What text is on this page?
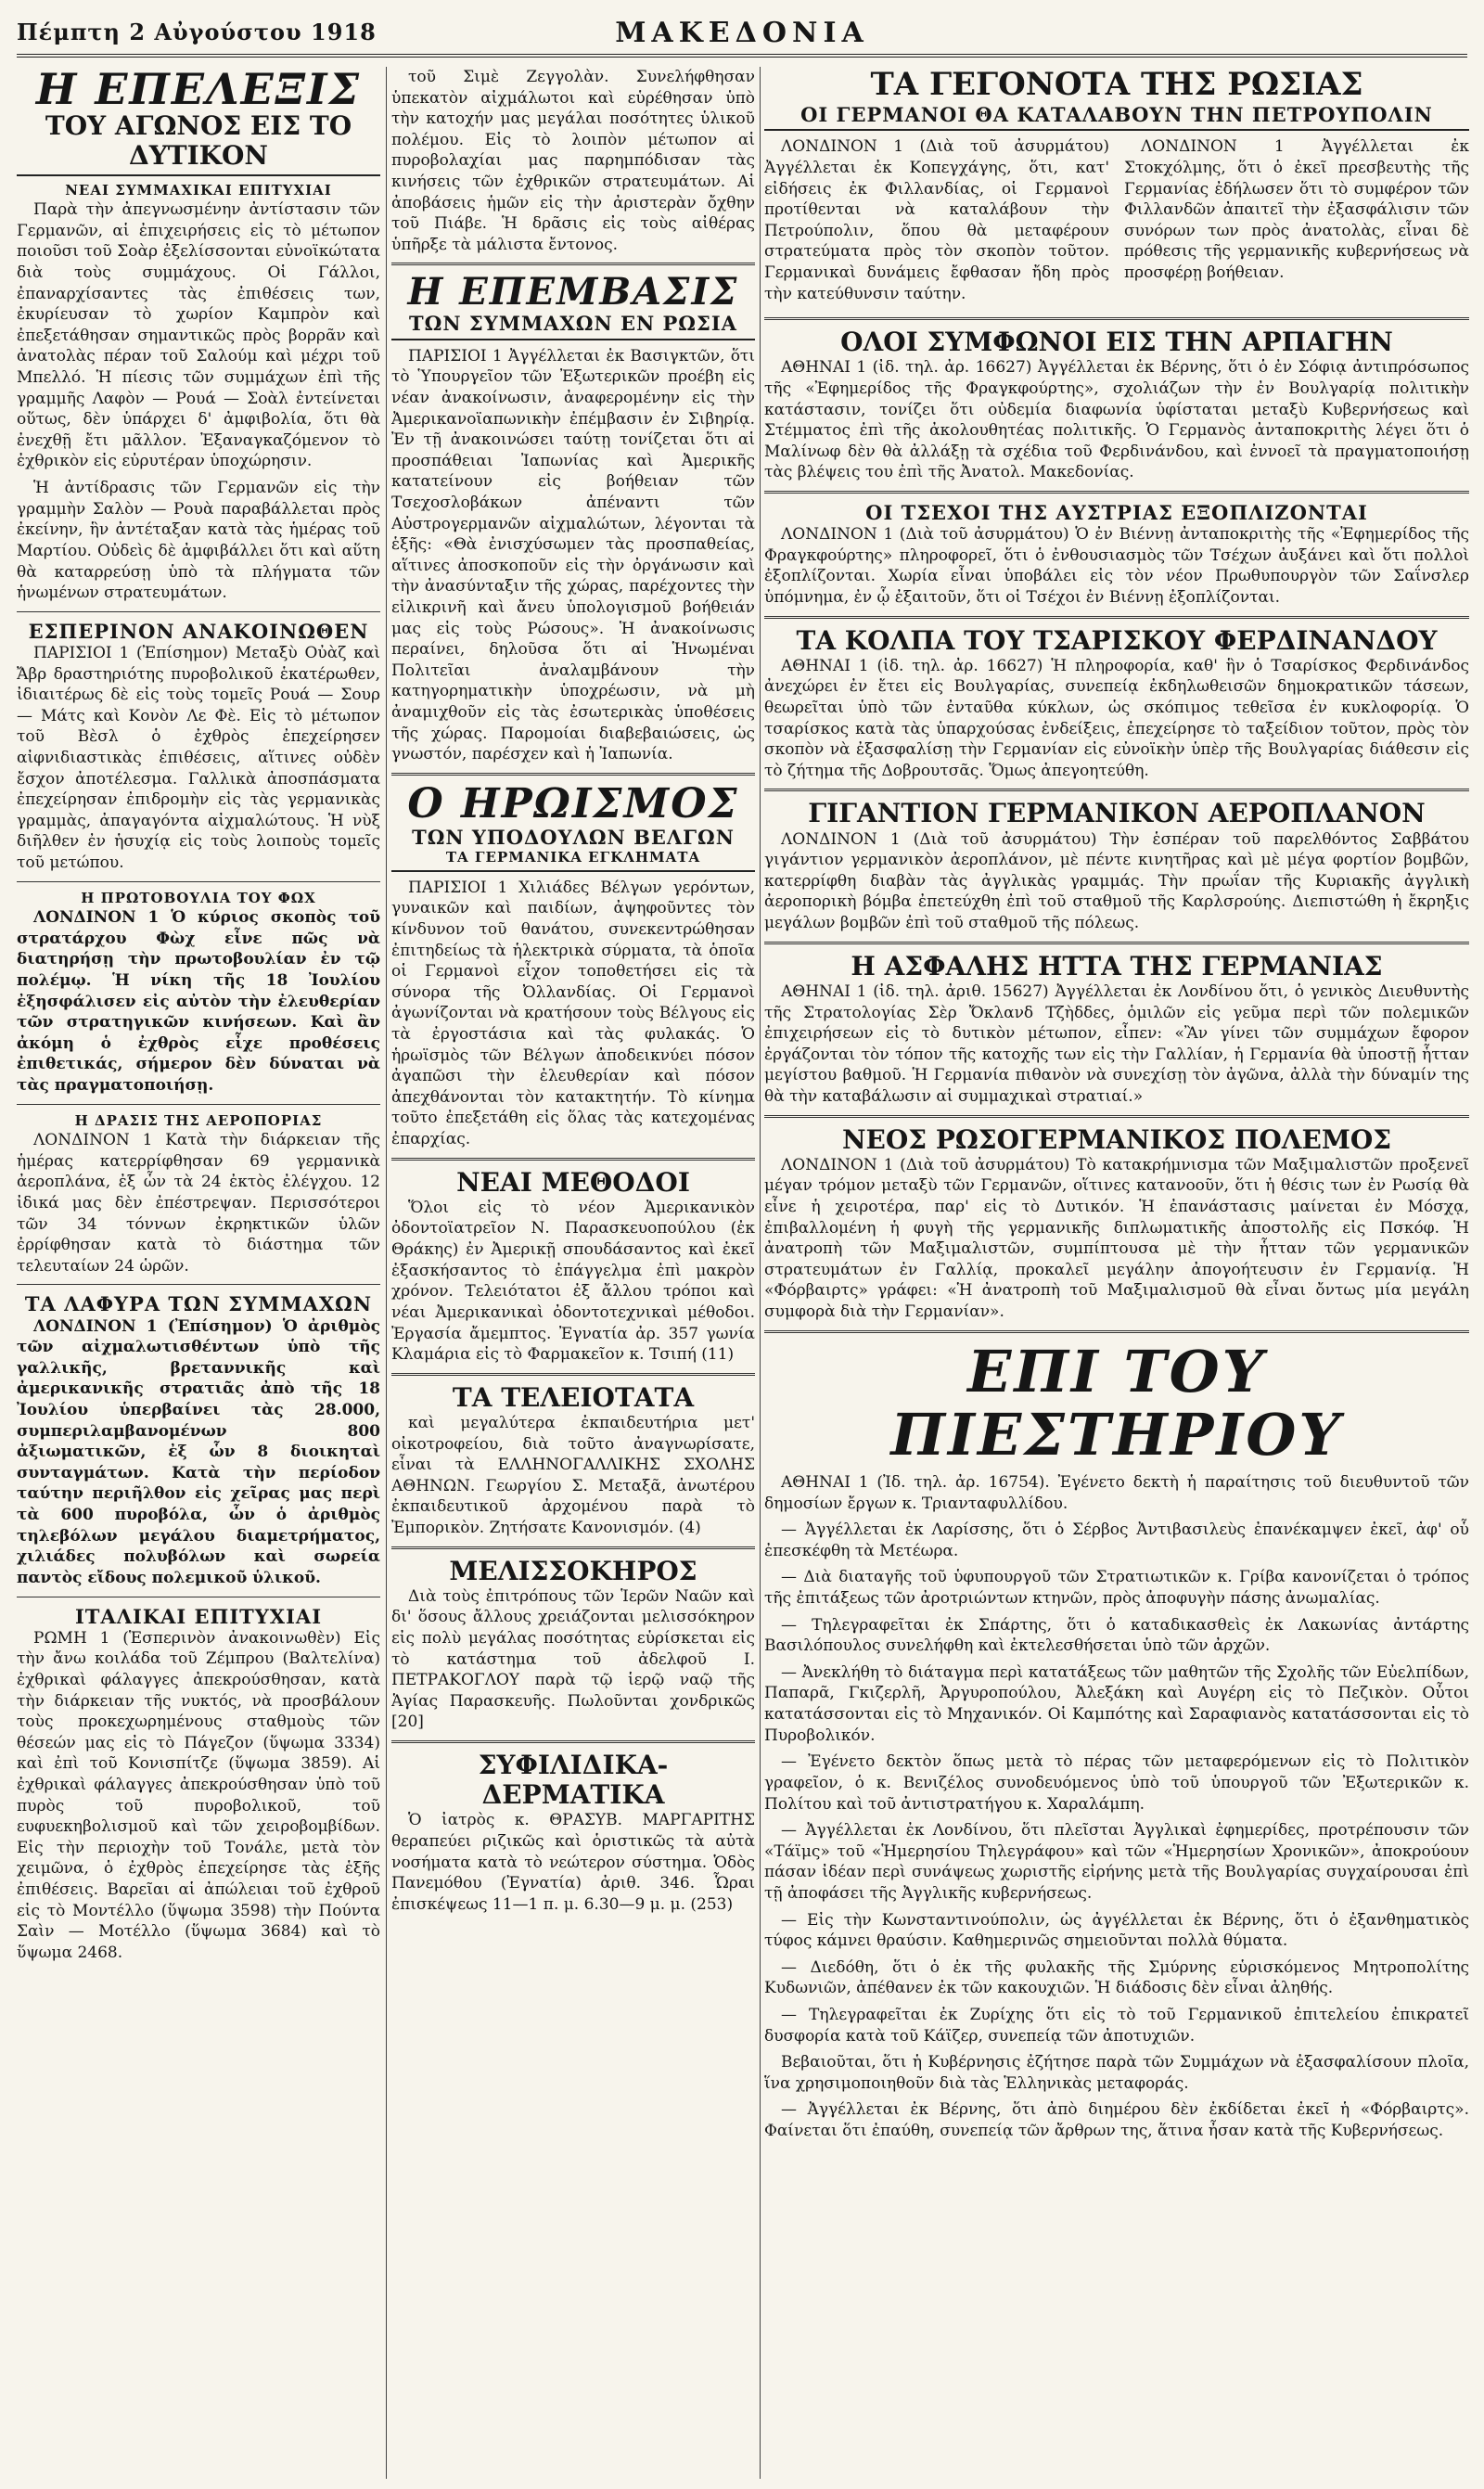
Πέμπτη 2 Αὐγούστου 1918	ΜΑΚΕΔΟΝΙΑ
Η ΕΠΕΛΕΞΙΣ
ΤΟΥ ΑΓΩΝΟΣ ΕΙΣ ΤΟ ΔΥΤΙΚΟΝ
ΝΕΑΙ ΣΥΜΜΑΧΙΚΑΙ ΕΠΙΤΥΧΙΑΙ

Παρὰ τὴν ἀπεγνωσμένην ἀντίστασιν τῶν Γερμανῶν, αἱ ἐπιχειρήσεις εἰς τὸ μέτωπον ποιοῦσι τοῦ Σοὰρ ἐξελίσσονται εὐνοϊκώτατα διὰ τοὺς συμμάχους. Οἱ Γάλλοι, ἐπαναρχίσαντες τὰς ἐπιθέσεις των, ἐκυρίευσαν τὸ χωρίον Καμπρὸν καὶ ἐπεξετάθησαν σημαντικῶς πρὸς βορρᾶν καὶ ἀνατολὰς πέραν τοῦ Σαλούμ καὶ μέχρι τοῦ Μπελλό. Ἡ πίεσις τῶν συμμάχων ἐπὶ τῆς γραμμῆς Λαφὸν — Ρουά — Σοὰλ ἐντείνεται οὕτως, δὲν ὑπάρχει δ' ἀμφιβολία, ὅτι θὰ ἐνεχθῇ ἔτι μᾶλλον. Ἐξαναγκαζόμενον τὸ ἐχθρικὸν εἰς εὐρυτέραν ὑποχώρησιν.

Ἡ ἀντίδρασις τῶν Γερμανῶν εἰς τὴν γραμμὴν Σαλὸν — Ρουὰ παραβάλλεται πρὸς ἐκείνην, ἣν ἀντέταξαν κατὰ τὰς ἡμέρας τοῦ Μαρτίου. Οὐδεὶς δὲ ἀμφιβάλλει ὅτι καὶ αὕτη θὰ καταρρεύσῃ ὑπὸ τὰ πλήγματα τῶν ἡνωμένων στρατευμάτων.

ΕΣΠΕΡΙΝΟΝ ΑΝΑΚΟΙΝΩΘΕΝ

ΠΑΡΙΣΙΟΙ 1 (Ἐπίσημον) Μεταξὺ Οὐὰζ καὶ Ἄβρ δραστηριότης πυροβολικοῦ ἑκατέρωθεν, ἰδιαιτέρως δὲ εἰς τοὺς τομεῖς Ρουά — Σουρ — Μάτς καὶ Κονὸν Λε Φὲ. Εἰς τὸ μέτωπον τοῦ Βὲσλ ὁ ἐχθρὸς ἐπεχείρησεν αἰφνιδιαστικὰς ἐπιθέσεις, αἵτινες οὐδὲν ἔσχον ἀποτέλεσμα. Γαλλικὰ ἀποσπάσματα ἐπεχείρησαν ἐπιδρομὴν εἰς τὰς γερμανικὰς γραμμὰς, ἀπαγαγόντα αἰχμαλώτους. Ἡ νὺξ διῆλθεν ἐν ἡσυχίᾳ εἰς τοὺς λοιποὺς τομεῖς τοῦ μετώπου.

Η ΠΡΩΤΟΒΟΥΛΙΑ ΤΟΥ ΦΩΧ

ΛΟΝΔΙΝΟΝ 1 Ὁ κύριος σκοπὸς τοῦ στρατάρχου Φὼχ εἶνε πῶς νὰ διατηρήσῃ τὴν πρωτοβουλίαν ἐν τῷ πολέμῳ. Ἡ νίκη τῆς 18 Ἰουλίου ἐξησφάλισεν εἰς αὐτὸν τὴν ἐλευθερίαν τῶν στρατηγικῶν κινήσεων. Καὶ ἂν ἀκόμη ὁ ἐχθρὸς εἶχε προθέσεις ἐπιθετικάς, σήμερον δὲν δύναται νὰ τὰς πραγματοποιήσῃ.

Η ΔΡΑΣΙΣ ΤΗΣ ΑΕΡΟΠΟΡΙΑΣ

ΛΟΝΔΙΝΟΝ 1 Κατὰ τὴν διάρκειαν τῆς ἡμέρας κατερρίφθησαν 69 γερμανικὰ ἀεροπλάνα, ἐξ ὧν τὰ 24 ἐκτὸς ἐλέγχου. 12 ἰδικά μας δὲν ἐπέστρεψαν. Περισσότεροι τῶν 34 τόννων ἐκρηκτικῶν ὑλῶν ἐρρίφθησαν κατὰ τὸ διάστημα τῶν τελευταίων 24 ὡρῶν.

ΤΑ ΛΑΦΥΡΑ ΤΩΝ ΣΥΜΜΑΧΩΝ

ΛΟΝΔΙΝΟΝ 1 (Ἐπίσημον) Ὁ ἀριθμὸς τῶν αἰχμαλωτισθέντων ὑπὸ τῆς γαλλικῆς, βρεταννικῆς καὶ ἀμερικανικῆς στρατιᾶς ἀπὸ τῆς 18 Ἰουλίου ὑπερβαίνει τὰς 28.000, συμπεριλαμβανομένων 800 ἀξιωματικῶν, ἐξ ὧν 8 διοικηταὶ συνταγμάτων. Κατὰ τὴν περίοδον ταύτην περιῆλθον εἰς χεῖρας μας περὶ τὰ 600 πυροβόλα, ὧν ὁ ἀριθμὸς τηλεβόλων μεγάλου διαμετρήματος, χιλιάδες πολυβόλων καὶ σωρεία παντὸς εἴδους πολεμικοῦ ὑλικοῦ.

ΙΤΑΛΙΚΑΙ ΕΠΙΤΥΧΙΑΙ

ΡΩΜΗ 1 (Ἑσπερινὸν ἀνακοινωθὲν) Εἰς τὴν ἄνω κοιλάδα τοῦ Ζέμπρου (Βαλτελίνα) ἐχθρικαὶ φάλαγγες ἀπεκρούσθησαν, κατὰ τὴν διάρκειαν τῆς νυκτός, νὰ προσβάλουν τοὺς προκεχωρημένους σταθμοὺς τῶν θέσεών μας εἰς τὸ Πάγεζον (ὕψωμα 3334) καὶ ἐπὶ τοῦ Κονισπίτζε (ὕψωμα 3859). Αἱ ἐχθρικαὶ φάλαγγες ἀπεκρούσθησαν ὑπὸ τοῦ πυρὸς τοῦ πυροβολικοῦ, τοῦ ευφυεκηβολισμοῦ καὶ τῶν χειροβομβίδων. Εἰς τὴν περιοχὴν τοῦ Τονάλε, μετὰ τὸν χειμῶνα, ὁ ἐχθρὸς ἐπεχείρησε τὰς ἑξῆς ἐπιθέσεις. Βαρεῖαι αἱ ἀπώλειαι τοῦ ἐχθροῦ εἰς τὸ Μοντέλλο (ὕψωμα 3598) τὴν Πούντα Σαὶν — Μοτέλλο (ὕψωμα 3684) καὶ τὸ ὕψωμα 2468.

τοῦ Σιμὲ Ζεγγολὰν. Συνελήφθησαν ὑπεκατὸν αἰχμάλωτοι καὶ εὑρέθησαν ὑπὸ τὴν κατοχήν μας μεγάλαι ποσότητες ὑλικοῦ πολέμου. Εἰς τὸ λοιπὸν μέτωπον αἱ πυροβολαχίαι μας παρημπόδισαν τὰς κινήσεις τῶν ἐχθρικῶν στρατευμάτων. Αἱ ἀποβάσεις ἡμῶν εἰς τὴν ἀριστερὰν ὄχθην τοῦ Πιάβε. Ἡ δρᾶσις εἰς τοὺς αἰθέρας ὑπῆρξε τὰ μάλιστα ἔντονος.

Η ΕΠΕΜΒΑΣΙΣ
ΤΩΝ ΣΥΜΜΑΧΩΝ ΕΝ ΡΩΣΙΑ

ΠΑΡΙΣΙΟΙ 1 Ἀγγέλλεται ἐκ Βασιγκτῶν, ὅτι τὸ Ὑπουργεῖον τῶν Ἐξωτερικῶν προέβη εἰς νέαν ἀνακοίνωσιν, ἀναφερομένην εἰς τὴν Ἀμερικανοϊαπωνικὴν ἐπέμβασιν ἐν Σιβηρίᾳ. Ἐν τῇ ἀνακοινώσει ταύτῃ τονίζεται ὅτι αἱ προσπάθειαι Ἰαπωνίας καὶ Ἀμερικῆς κατατείνουν εἰς βοήθειαν τῶν Τσεχοσλοβάκων ἀπέναντι τῶν Αὐστρογερμανῶν αἰχμαλώτων, λέγονται τὰ ἑξῆς: «Θὰ ἐνισχύσωμεν τὰς προσπαθείας, αἵτινες ἀποσκοποῦν εἰς τὴν ὀργάνωσιν καὶ τὴν ἀνασύνταξιν τῆς χώρας, παρέχοντες τὴν εἰλικρινῆ καὶ ἄνευ ὑπολογισμοῦ βοήθειάν μας εἰς τοὺς Ρώσους». Ἡ ἀνακοίνωσις περαίνει, δηλοῦσα ὅτι αἱ Ἡνωμέναι Πολιτεῖαι ἀναλαμβάνουν τὴν κατηγορηματικὴν ὑποχρέωσιν, νὰ μὴ ἀναμιχθοῦν εἰς τὰς ἐσωτερικὰς ὑποθέσεις τῆς χώρας. Παρομοίαι διαβεβαιώσεις, ὡς γνωστόν, παρέσχεν καὶ ἡ Ἰαπωνία.

Ο ΗΡΩΙΣΜΟΣ
ΤΩΝ ΥΠΟΔΟΥΛΩΝ ΒΕΛΓΩΝ
ΤΑ ΓΕΡΜΑΝΙΚΑ ΕΓΚΛΗΜΑΤΑ

ΠΑΡΙΣΙΟΙ 1 Χιλιάδες Βέλγων γερόντων, γυναικῶν καὶ παιδίων, ἀψηφοῦντες τὸν κίνδυνον τοῦ θανάτου, συνεκεντρώθησαν ἐπιτηδείως τὰ ἡλεκτρικὰ σύρματα, τὰ ὁποῖα οἱ Γερμανοὶ εἶχον τοποθετήσει εἰς τὰ σύνορα τῆς Ὀλλανδίας. Οἱ Γερμανοὶ ἀγωνίζονται νὰ κρατήσουν τοὺς Βέλγους εἰς τὰ ἐργοστάσια καὶ τὰς φυλακάς. Ὁ ἡρωϊσμὸς τῶν Βέλγων ἀποδεικνύει πόσον ἀγαπῶσι τὴν ἐλευθερίαν καὶ πόσον ἀπεχθάνονται τὸν κατακτητήν. Τὸ κίνημα τοῦτο ἐπεξετάθη εἰς ὅλας τὰς κατεχομένας ἐπαρχίας.

ΝΕΑΙ ΜΕΘΟΔΟΙ

Ὅλοι εἰς τὸ νέον Ἀμερικανικὸν ὀδοντοϊατρεῖον Ν. Παρασκευοπούλου (ἐκ Θράκης) ἐν Ἀμερικῇ σπουδάσαντος καὶ ἐκεῖ ἐξασκήσαντος τὸ ἐπάγγελμα ἐπὶ μακρὸν χρόνον. Τελειότατοι ἐξ ἄλλου τρόποι καὶ νέαι Ἀμερικανικαὶ ὀδοντοτεχνικαὶ μέθοδοι. Ἐργασία ἄμεμπτος. Ἐγνατία ἀρ. 357 γωνία Κλαμάρια εἰς τὸ Φαρμακεῖον κ. Τσιπή (11)

ΤΑ ΤΕΛΕΙΟΤΑΤΑ

καὶ μεγαλύτερα ἐκπαιδευτήρια μετ' οἰκοτροφείου, διὰ τοῦτο ἀναγνωρίσατε, εἶναι τὰ ΕΛΛΗΝΟΓΑΛΛΙΚΗΣ ΣΧΟΛΗΣ ΑΘΗΝΩΝ. Γεωργίου Σ. Μεταξᾶ, ἀνωτέρου ἐκπαιδευτικοῦ ἀρχομένου παρὰ τὸ Ἐμπορικὸν. Ζητήσατε Κανονισμόν. (4)

ΜΕΛΙΣΣΟΚΗΡΟΣ

Διὰ τοὺς ἐπιτρόπους τῶν Ἱερῶν Ναῶν καὶ δι' ὅσους ἄλλους χρειάζονται μελισσόκηρον εἰς πολὺ μεγάλας ποσότητας εὑρίσκεται εἰς τὸ κατάστημα τοῦ ἀδελφοῦ Ι. ΠΕΤΡΑΚΟΓΛΟΥ παρὰ τῷ ἱερῷ ναῷ τῆς Ἁγίας Παρασκευῆς. Πωλοῦνται χονδρικῶς [20]

ΣΥΦΙΛΙΔΙΚΑ-ΔΕΡΜΑΤΙΚΑ

Ὁ ἰατρὸς κ. ΘΡΑΣΥΒ. ΜΑΡΓΑΡΙΤΗΣ θεραπεύει ριζικῶς καὶ ὁριστικῶς τὰ αὐτὰ νοσήματα κατὰ τὸ νεώτερον σύστημα. Ὁδὸς Πανεμόθου (Ἐγνατία) ἀριθ. 346. Ὧραι ἐπισκέψεως 11—1 π. μ. 6.30—9 μ. μ. (253)

ΤΑ ΓΕΓΟΝΟΤΑ ΤΗΣ ΡΩΣΙΑΣ
ΟΙ ΓΕΡΜΑΝΟΙ ΘΑ ΚΑΤΑΛΑΒΟΥΝ ΤΗΝ ΠΕΤΡΟΥΠΟΛΙΝ

ΛΟΝΔΙΝΟΝ 1 (Διὰ τοῦ ἀσυρμάτου) Ἀγγέλλεται ἐκ Κοπεγχάγης, ὅτι, κατ' εἰδήσεις ἐκ Φιλλανδίας, οἱ Γερμανοὶ προτίθενται νὰ καταλάβουν τὴν Πετρούπολιν, ὅπου θὰ μεταφέρουν στρατεύματα πρὸς τὸν σκοπὸν τοῦτον. Γερμανικαὶ δυνάμεις ἔφθασαν ἤδη πρὸς τὴν κατεύθυνσιν ταύτην.

ΛΟΝΔΙΝΟΝ 1 Ἀγγέλλεται ἐκ Στοκχόλμης, ὅτι ὁ ἐκεῖ πρεσβευτὴς τῆς Γερμανίας ἐδήλωσεν ὅτι τὸ συμφέρον τῶν Φιλλανδῶν ἀπαιτεῖ τὴν ἐξασφάλισιν τῶν συνόρων των πρὸς ἀνατολὰς, εἶναι δὲ πρόθεσις τῆς γερμανικῆς κυβερνήσεως νὰ προσφέρῃ βοήθειαν.

ΟΛΟΙ ΣΥΜΦΩΝΟΙ ΕΙΣ ΤΗΝ ΑΡΠΑΓΗΝ

ΑΘΗΝΑΙ 1 (ἰδ. τηλ. ἀρ. 16627) Ἀγγέλλεται ἐκ Βέρνης, ὅτι ὁ ἐν Σόφιᾳ ἀντιπρόσωπος τῆς «Ἐφημερίδος τῆς Φραγκφούρτης», σχολιάζων τὴν ἐν Βουλγαρίᾳ πολιτικὴν κατάστασιν, τονίζει ὅτι οὐδεμία διαφωνία ὑφίσταται μεταξὺ Κυβερνήσεως καὶ Στέμματος ἐπὶ τῆς ἀκολουθητέας πολιτικῆς. Ὁ Γερμανὸς ἀνταποκριτὴς λέγει ὅτι ὁ Μαλίνωφ δὲν θὰ ἀλλάξῃ τὰ σχέδια τοῦ Φερδινάνδου, καὶ ἐννοεῖ τὰ πραγματοποιήσῃ τὰς βλέψεις του ἐπὶ τῆς Ἀνατολ. Μακεδονίας.

ΟΙ ΤΣΕΧΟΙ ΤΗΣ ΑΥΣΤΡΙΑΣ ΕΞΟΠΛΙΖΟΝΤΑΙ

ΛΟΝΔΙΝΟΝ 1 (Διὰ τοῦ ἀσυρμάτου) Ὁ ἐν Βιέννῃ ἀνταποκριτὴς τῆς «Ἐφημερίδος τῆς Φραγκφούρτης» πληροφορεῖ, ὅτι ὁ ἐνθουσιασμὸς τῶν Τσέχων ἀυξάνει καὶ ὅτι πολλοὶ ἐξοπλίζονται. Χωρία εἶναι ὑποβάλει εἰς τὸν νέον Πρωθυπουργὸν τῶν Σαΐνσλερ ὑπόμνημα, ἐν ᾧ ἐξαιτοῦν, ὅτι οἱ Τσέχοι ἐν Βιέννῃ ἐξοπλίζονται.

ΤΑ ΚΟΛΠΑ ΤΟΥ ΤΣΑΡΙΣΚΟΥ ΦΕΡΔΙΝΑΝΔΟΥ

ΑΘΗΝΑΙ 1 (ἰδ. τηλ. ἀρ. 16627) Ἡ πληροφορία, καθ' ἣν ὁ Τσαρίσκος Φερδινάνδος ἀνεχώρει ἐν ἔτει εἰς Βουλγαρίας, συνεπείᾳ ἐκδηλωθεισῶν δημοκρατικῶν τάσεων, θεωρεῖται ὑπὸ τῶν ἐνταῦθα κύκλων, ὡς σκόπιμος τεθεῖσα ἐν κυκλοφορίᾳ. Ὁ τσαρίσκος κατὰ τὰς ὑπαρχούσας ἐνδείξεις, ἐπεχείρησε τὸ ταξείδιον τοῦτον, πρὸς τὸν σκοπὸν νὰ ἐξασφαλίσῃ τὴν Γερμανίαν εἰς εὐνοϊκὴν ὑπὲρ τῆς Βουλγαρίας διάθεσιν εἰς τὸ ζήτημα τῆς Δοβρουτσᾶς. Ὅμως ἀπεγοητεύθη.

ΓΙΓΑΝΤΙΟΝ ΓΕΡΜΑΝΙΚΟΝ ΑΕΡΟΠΛΑΝΟΝ

ΛΟΝΔΙΝΟΝ 1 (Διὰ τοῦ ἀσυρμάτου) Τὴν ἑσπέραν τοῦ παρελθόντος Σαββάτου γιγάντιον γερμανικὸν ἀεροπλάνον, μὲ πέντε κινητῆρας καὶ μὲ μέγα φορτίον βομβῶν, κατερρίφθη διαβὰν τὰς ἀγγλικὰς γραμμάς. Τὴν πρωΐαν τῆς Κυριακῆς ἀγγλικὴ ἀεροπορικὴ βόμβα ἐπετεύχθη ἐπὶ τοῦ σταθμοῦ τῆς Καρλσρούης. Διεπιστώθη ἡ ἔκρηξις μεγάλων βομβῶν ἐπὶ τοῦ σταθμοῦ τῆς πόλεως.

Η ΑΣΦΑΛΗΣ ΗΤΤΑ ΤΗΣ ΓΕΡΜΑΝΙΑΣ

ΑΘΗΝΑΙ 1 (ἰδ. τηλ. ἀριθ. 15627) Ἀγγέλλεται ἐκ Λονδίνου ὅτι, ὁ γενικὸς Διευθυντὴς τῆς Στρατολογίας Σὲρ Ὄκλανδ Τζὴδδες, ὁμιλῶν εἰς γεῦμα περὶ τῶν πολεμικῶν ἐπιχειρήσεων εἰς τὸ δυτικὸν μέτωπον, εἶπεν: «Ἂν γίνει τῶν συμμάχων ἔφορον ἐργάζονται τὸν τόπον τῆς κατοχῆς των εἰς τὴν Γαλλίαν, ἡ Γερμανία θὰ ὑποστῇ ἧτταν μεγίστου βαθμοῦ. Ἡ Γερμανία πιθανὸν νὰ συνεχίσῃ τὸν ἀγῶνα, ἀλλὰ τὴν δύναμίν της θὰ τὴν καταβάλωσιν αἱ συμμαχικαὶ στρατιαί.»

ΝΕΟΣ ΡΩΣΟΓΕΡΜΑΝΙΚΟΣ ΠΟΛΕΜΟΣ

ΛΟΝΔΙΝΟΝ 1 (Διὰ τοῦ ἀσυρμάτου) Τὸ κατακρήμνισμα τῶν Μαξιμαλιστῶν προξενεῖ μέγαν τρόμον μεταξὺ τῶν Γερμανῶν, οἵτινες κατανοοῦν, ὅτι ἡ θέσις των ἐν Ρωσίᾳ θὰ εἶνε ἡ χειροτέρα, παρ' εἰς τὸ Δυτικόν. Ἡ ἐπανάστασις μαίνεται ἐν Μόσχᾳ, ἐπιβαλλομένη ἡ φυγὴ τῆς γερμανικῆς διπλωματικῆς ἀποστολῆς εἰς Πσκόφ. Ἡ ἀνατροπὴ τῶν Μαξιμαλιστῶν, συμπίπτουσα μὲ τὴν ἧτταν τῶν γερμανικῶν στρατευμάτων ἐν Γαλλίᾳ, προκαλεῖ μεγάλην ἀπογοήτευσιν ἐν Γερμανίᾳ. Ἡ «Φόρβαιρτς» γράφει: «Ἡ ἀνατροπὴ τοῦ Μαξιμαλισμοῦ θὰ εἶναι ὄντως μία μεγάλη συμφορὰ διὰ τὴν Γερμανίαν».

ΕΠΙ ΤΟΥ ΠΙΕΣΤΗΡΙΟΥ

ΑΘΗΝΑΙ 1 (Ἰδ. τηλ. ἀρ. 16754). Ἐγένετο δεκτὴ ἡ παραίτησις τοῦ διευθυντοῦ τῶν δημοσίων ἔργων κ. Τριανταφυλλίδου.

— Ἀγγέλλεται ἐκ Λαρίσσης, ὅτι ὁ Σέρβος Ἀντιβασιλεὺς ἐπανέκαμψεν ἐκεῖ, ἀφ' οὗ ἐπεσκέφθη τὰ Μετέωρα.

— Διὰ διαταγῆς τοῦ ὑφυπουργοῦ τῶν Στρατιωτικῶν κ. Γρίβα κανονίζεται ὁ τρόπος τῆς ἐπιτάξεως τῶν ἀροτριώντων κτηνῶν, πρὸς ἀποφυγὴν πάσης ἀνωμαλίας.

— Τηλεγραφεῖται ἐκ Σπάρτης, ὅτι ὁ καταδικασθεὶς ἐκ Λακωνίας ἀντάρτης Βασιλόπουλος συνελήφθη καὶ ἐκτελεσθήσεται ὑπὸ τῶν ἀρχῶν.

— Ἀνεκλήθη τὸ διάταγμα περὶ κατατάξεως τῶν μαθητῶν τῆς Σχολῆς τῶν Εὐελπίδων, Παπαρᾶ, Γκιζερλῆ, Ἀργυροπούλου, Ἀλεξάκη καὶ Αυγέρη εἰς τὸ Πεζικὸν. Οὗτοι κατατάσσονται εἰς τὸ Μηχανικόν. Οἱ Καμπότης καὶ Σαραφιανὸς κατατάσσονται εἰς τὸ Πυροβολικόν.

— Ἐγένετο δεκτὸν ὅπως μετὰ τὸ πέρας τῶν μεταφερόμενων εἰς τὸ Πολιτικὸν γραφεῖον, ὁ κ. Βενιζέλος συνοδευόμενος ὑπὸ τοῦ ὑπουργοῦ τῶν Ἐξωτερικῶν κ. Πολίτου καὶ τοῦ ἀντιστρατήγου κ. Χαραλάμπη.

— Ἀγγέλλεται ἐκ Λονδίνου, ὅτι πλεῖσται Ἀγγλικαὶ ἐφημερίδες, προτρέπουσιν τῶν «Τάϊμς» τοῦ «Ἡμερησίου Τηλεγράφου» καὶ τῶν «Ἡμερησίων Χρονικῶν», ἀποκρούουν πάσαν ἰδέαν περὶ συνάψεως χωριστῆς εἰρήνης μετὰ τῆς Βουλγαρίας συγχαίρουσαι ἐπὶ τῇ ἀποφάσει τῆς Ἀγγλικῆς κυβερνήσεως.

— Εἰς τὴν Κωνσταντινούπολιν, ὡς ἀγγέλλεται ἐκ Βέρνης, ὅτι ὁ ἐξανθηματικὸς τύφος κάμνει θραύσιν. Καθημερινῶς σημειοῦνται πολλὰ θύματα.

— Διεδόθη, ὅτι ὁ ἐκ τῆς φυλακῆς τῆς Σμύρνης εὑρισκόμενος Μητροπολίτης Κυδωνιῶν, ἀπέθανεν ἐκ τῶν κακουχιῶν. Ἡ διάδοσις δὲν εἶναι ἀληθής.

— Τηλεγραφεῖται ἐκ Ζυρίχης ὅτι εἰς τὸ τοῦ Γερμανικοῦ ἐπιτελείου ἐπικρατεῖ δυσφορία κατὰ τοῦ Κάϊζερ, συνεπείᾳ τῶν ἀποτυχιῶν.

Βεβαιοῦται, ὅτι ἡ Κυβέρνησις ἐζήτησε παρὰ τῶν Συμμάχων νὰ ἐξασφαλίσουν πλοῖα, ἵνα χρησιμοποιηθοῦν διὰ τὰς Ἑλληνικὰς μεταφοράς.

— Ἀγγέλλεται ἐκ Βέρνης, ὅτι ἀπὸ διημέρου δὲν ἐκδίδεται ἐκεῖ ἡ «Φόρβαιρτς». Φαίνεται ὅτι ἐπαύθη, συνεπείᾳ τῶν ἄρθρων της, ἅτινα ἦσαν κατὰ τῆς Κυβερνήσεως.
